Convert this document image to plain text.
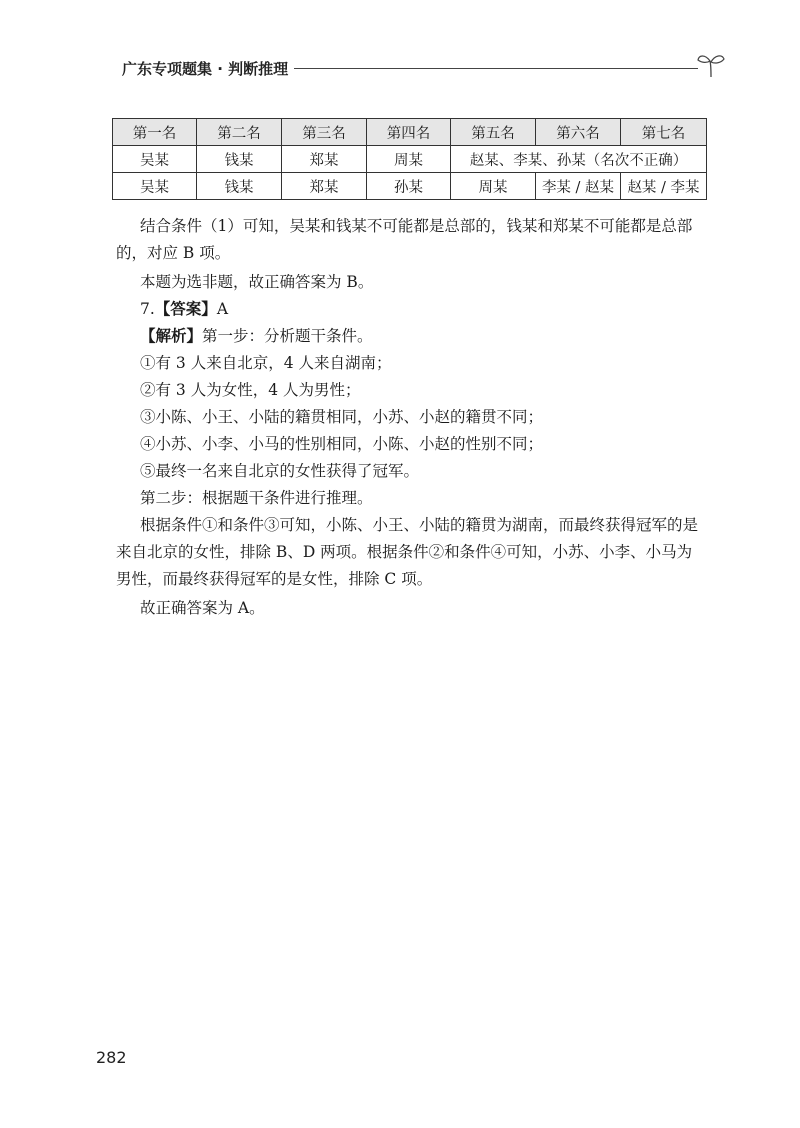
广东专项题集 · 判断推理
第一名	第二名	第三名	第四名	第五名	第六名	第七名
吴某	钱某	郑某	周某	赵某、李某、孙某（名次不正确）		
吴某	钱某	郑某	孙某	周某	李某 / 赵某	赵某 / 李某

结合条件（1）可知，吴某和钱某不可能都是总部的，钱某和郑某不可能都是总部的，对应 B 项。

本题为选非题，故正确答案为 B。

7.【答案】A

【解析】第一步：分析题干条件。

①有 3 人来自北京，4 人来自湖南；

②有 3 人为女性，4 人为男性；

③小陈、小王、小陆的籍贯相同，小苏、小赵的籍贯不同；

④小苏、小李、小马的性别相同，小陈、小赵的性别不同；

⑤最终一名来自北京的女性获得了冠军。

第二步：根据题干条件进行推理。

根据条件①和条件③可知，小陈、小王、小陆的籍贯为湖南，而最终获得冠军的是来自北京的女性，排除 B、D 两项。根据条件②和条件④可知，小苏、小李、小马为男性，而最终获得冠军的是女性，排除 C 项。

故正确答案为 A。

282
